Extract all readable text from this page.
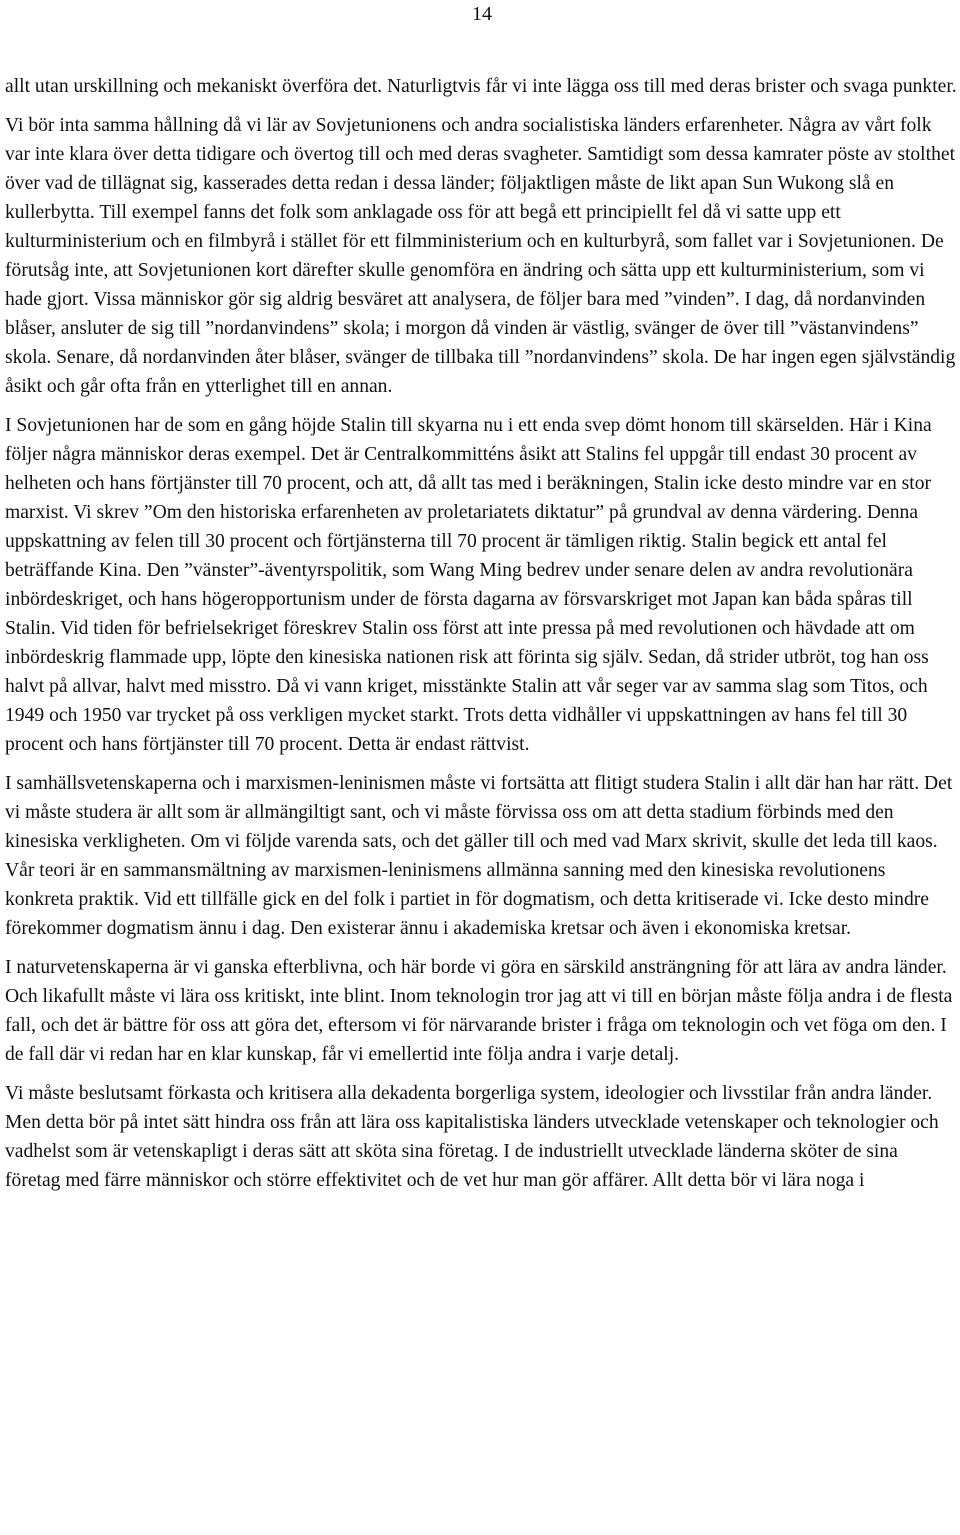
14

allt utan urskillning och mekaniskt överföra det. Naturligtvis får vi inte lägga oss till med deras brister och svaga punkter.

Vi bör inta samma hållning då vi lär av Sovjetunionens och andra socialistiska länders erfarenheter. Några av vårt folk var inte klara över detta tidigare och övertog till och med deras svagheter. Samtidigt som dessa kamrater pöste av stolthet över vad de tillägnat sig, kasserades detta redan i dessa länder; följaktligen måste de likt apan Sun Wukong slå en kullerbytta. Till exempel fanns det folk som anklagade oss för att begå ett principiellt fel då vi satte upp ett kulturministerium och en filmbyrå i stället för ett filmministerium och en kulturbyrå, som fallet var i Sovjetunionen. De förutsåg inte, att Sovjetunionen kort därefter skulle genomföra en ändring och sätta upp ett kulturministerium, som vi hade gjort. Vissa människor gör sig aldrig besväret att analysera, de följer bara med ”vinden”. I dag, då nordanvinden blåser, ansluter de sig till ”nordanvindens” skola; i morgon då vinden är västlig, svänger de över till ”västanvindens” skola. Senare, då nordanvinden åter blåser, svänger de tillbaka till ”nordanvindens” skola. De har ingen egen självständig åsikt och går ofta från en ytterlighet till en annan.

I Sovjetunionen har de som en gång höjde Stalin till skyarna nu i ett enda svep dömt honom till skärselden. Här i Kina följer några människor deras exempel. Det är Centralkommitténs åsikt att Stalins fel uppgår till endast 30 procent av helheten och hans förtjänster till 70 procent, och att, då allt tas med i beräkningen, Stalin icke desto mindre var en stor marxist. Vi skrev ”Om den historiska erfarenheten av proletariatets diktatur” på grundval av denna värdering. Denna uppskattning av felen till 30 procent och förtjänsterna till 70 procent är tämligen riktig. Stalin begick ett antal fel beträffande Kina. Den ”vänster”-äventyrspolitik, som Wang Ming bedrev under senare delen av andra revolutionära inbördeskriget, och hans högeropportunism under de första dagarna av försvarskriget mot Japan kan båda spåras till Stalin. Vid tiden för befrielsekriget föreskrev Stalin oss först att inte pressa på med revolutionen och hävdade att om inbördeskrig flammade upp, löpte den kinesiska nationen risk att förinta sig själv. Sedan, då strider utbröt, tog han oss halvt på allvar, halvt med misstro. Då vi vann kriget, misstänkte Stalin att vår seger var av samma slag som Titos, och 1949 och 1950 var trycket på oss verkligen mycket starkt. Trots detta vidhåller vi uppskattningen av hans fel till 30 procent och hans förtjänster till 70 procent. Detta är endast rättvist.

I samhällsvetenskaperna och i marxismen-leninismen måste vi fortsätta att flitigt studera Stalin i allt där han har rätt. Det vi måste studera är allt som är allmängiltigt sant, och vi måste förvissa oss om att detta stadium förbinds med den kinesiska verkligheten. Om vi följde varenda sats, och det gäller till och med vad Marx skrivit, skulle det leda till kaos. Vår teori är en sammansmältning av marxismen-leninismens allmänna sanning med den kinesiska revolutionens konkreta praktik. Vid ett tillfälle gick en del folk i partiet in för dogmatism, och detta kritiserade vi. Icke desto mindre förekommer dogmatism ännu i dag. Den existerar ännu i akademiska kretsar och även i ekonomiska kretsar.

I naturvetenskaperna är vi ganska efterblivna, och här borde vi göra en särskild ansträngning för att lära av andra länder. Och likafullt måste vi lära oss kritiskt, inte blint. Inom teknologin tror jag att vi till en början måste följa andra i de flesta fall, och det är bättre för oss att göra det, eftersom vi för närvarande brister i fråga om teknologin och vet föga om den. I de fall där vi redan har en klar kunskap, får vi emellertid inte följa andra i varje detalj.

Vi måste beslutsamt förkasta och kritisera alla dekadenta borgerliga system, ideologier och livsstilar från andra länder. Men detta bör på intet sätt hindra oss från att lära oss kapitalistiska länders utvecklade vetenskaper och teknologier och vadhelst som är vetenskapligt i deras sätt att sköta sina företag. I de industriellt utvecklade länderna sköter de sina företag med färre människor och större effektivitet och de vet hur man gör affärer. Allt detta bör vi lära noga i
